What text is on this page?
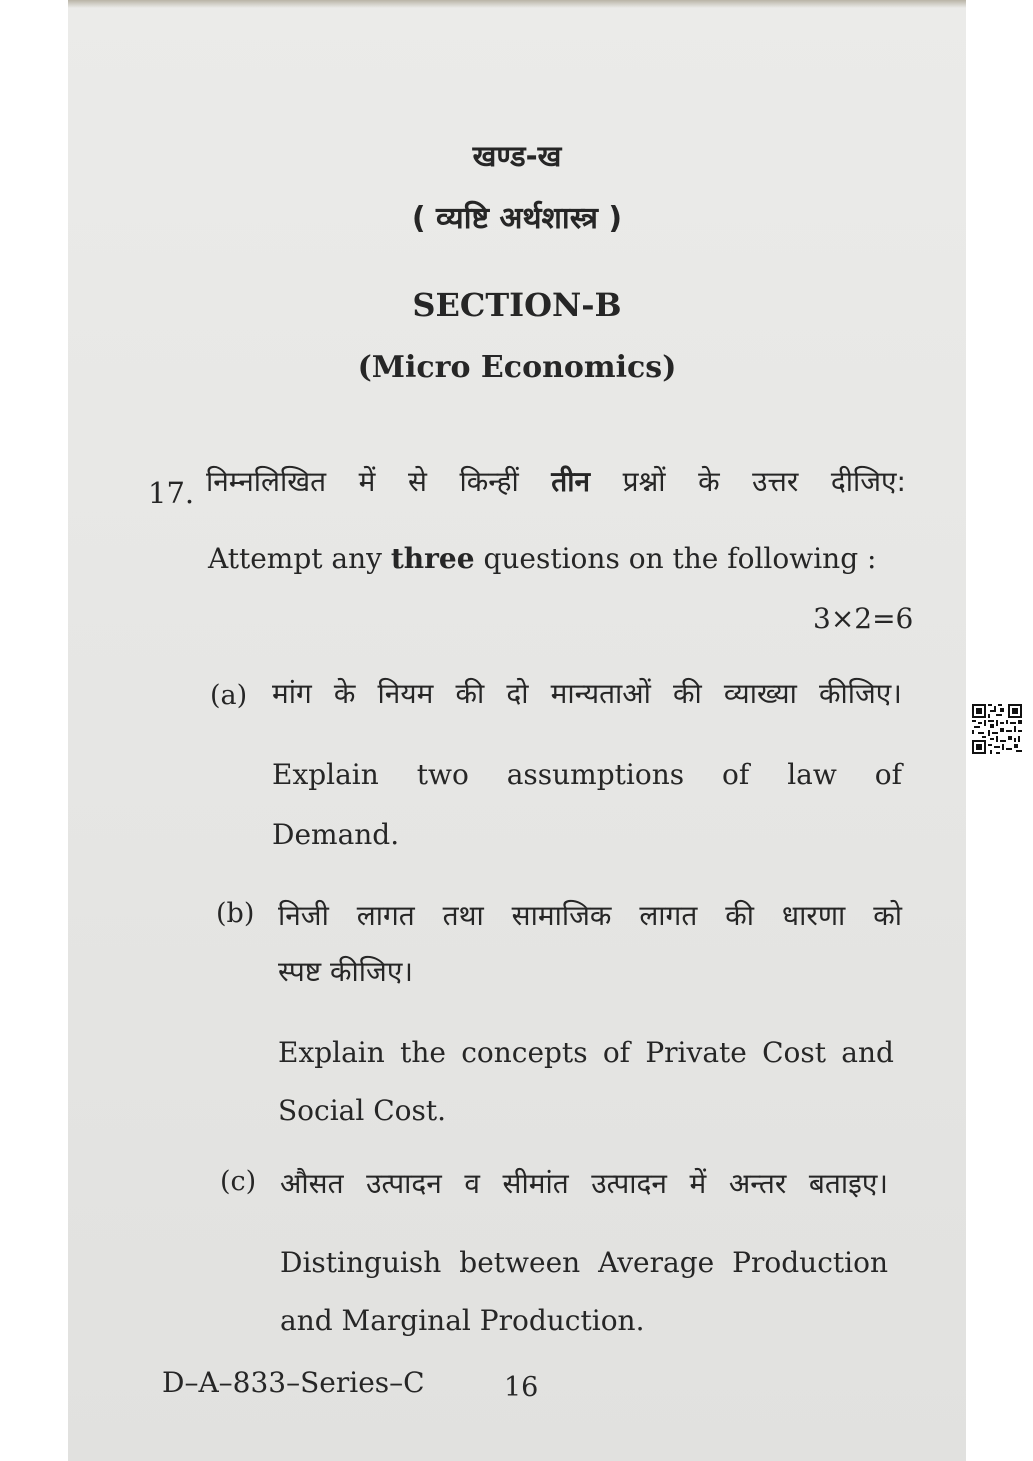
खण्ड-ख
( व्यष्टि अर्थशास्त्र )
SECTION-B
(Micro Economics)
17. निम्नलिखित में से किन्हीं तीन प्रश्नों के उत्तर दीजिए:
Attempt any three questions on the following :
3×2=6
(a) मांग के नियम की दो मान्यताओं की व्याख्या कीजिए।
Explain two assumptions of law of
Demand.
(b) निजी लागत तथा सामाजिक लागत की धारणा को
स्पष्ट कीजिए।
Explain the concepts of Private Cost and
Social Cost.
(c) औसत उत्पादन व सीमांत उत्पादन में अन्तर बताइए।
Distinguish between Average Production
and Marginal Production.
D–A–833–Series–C	16
